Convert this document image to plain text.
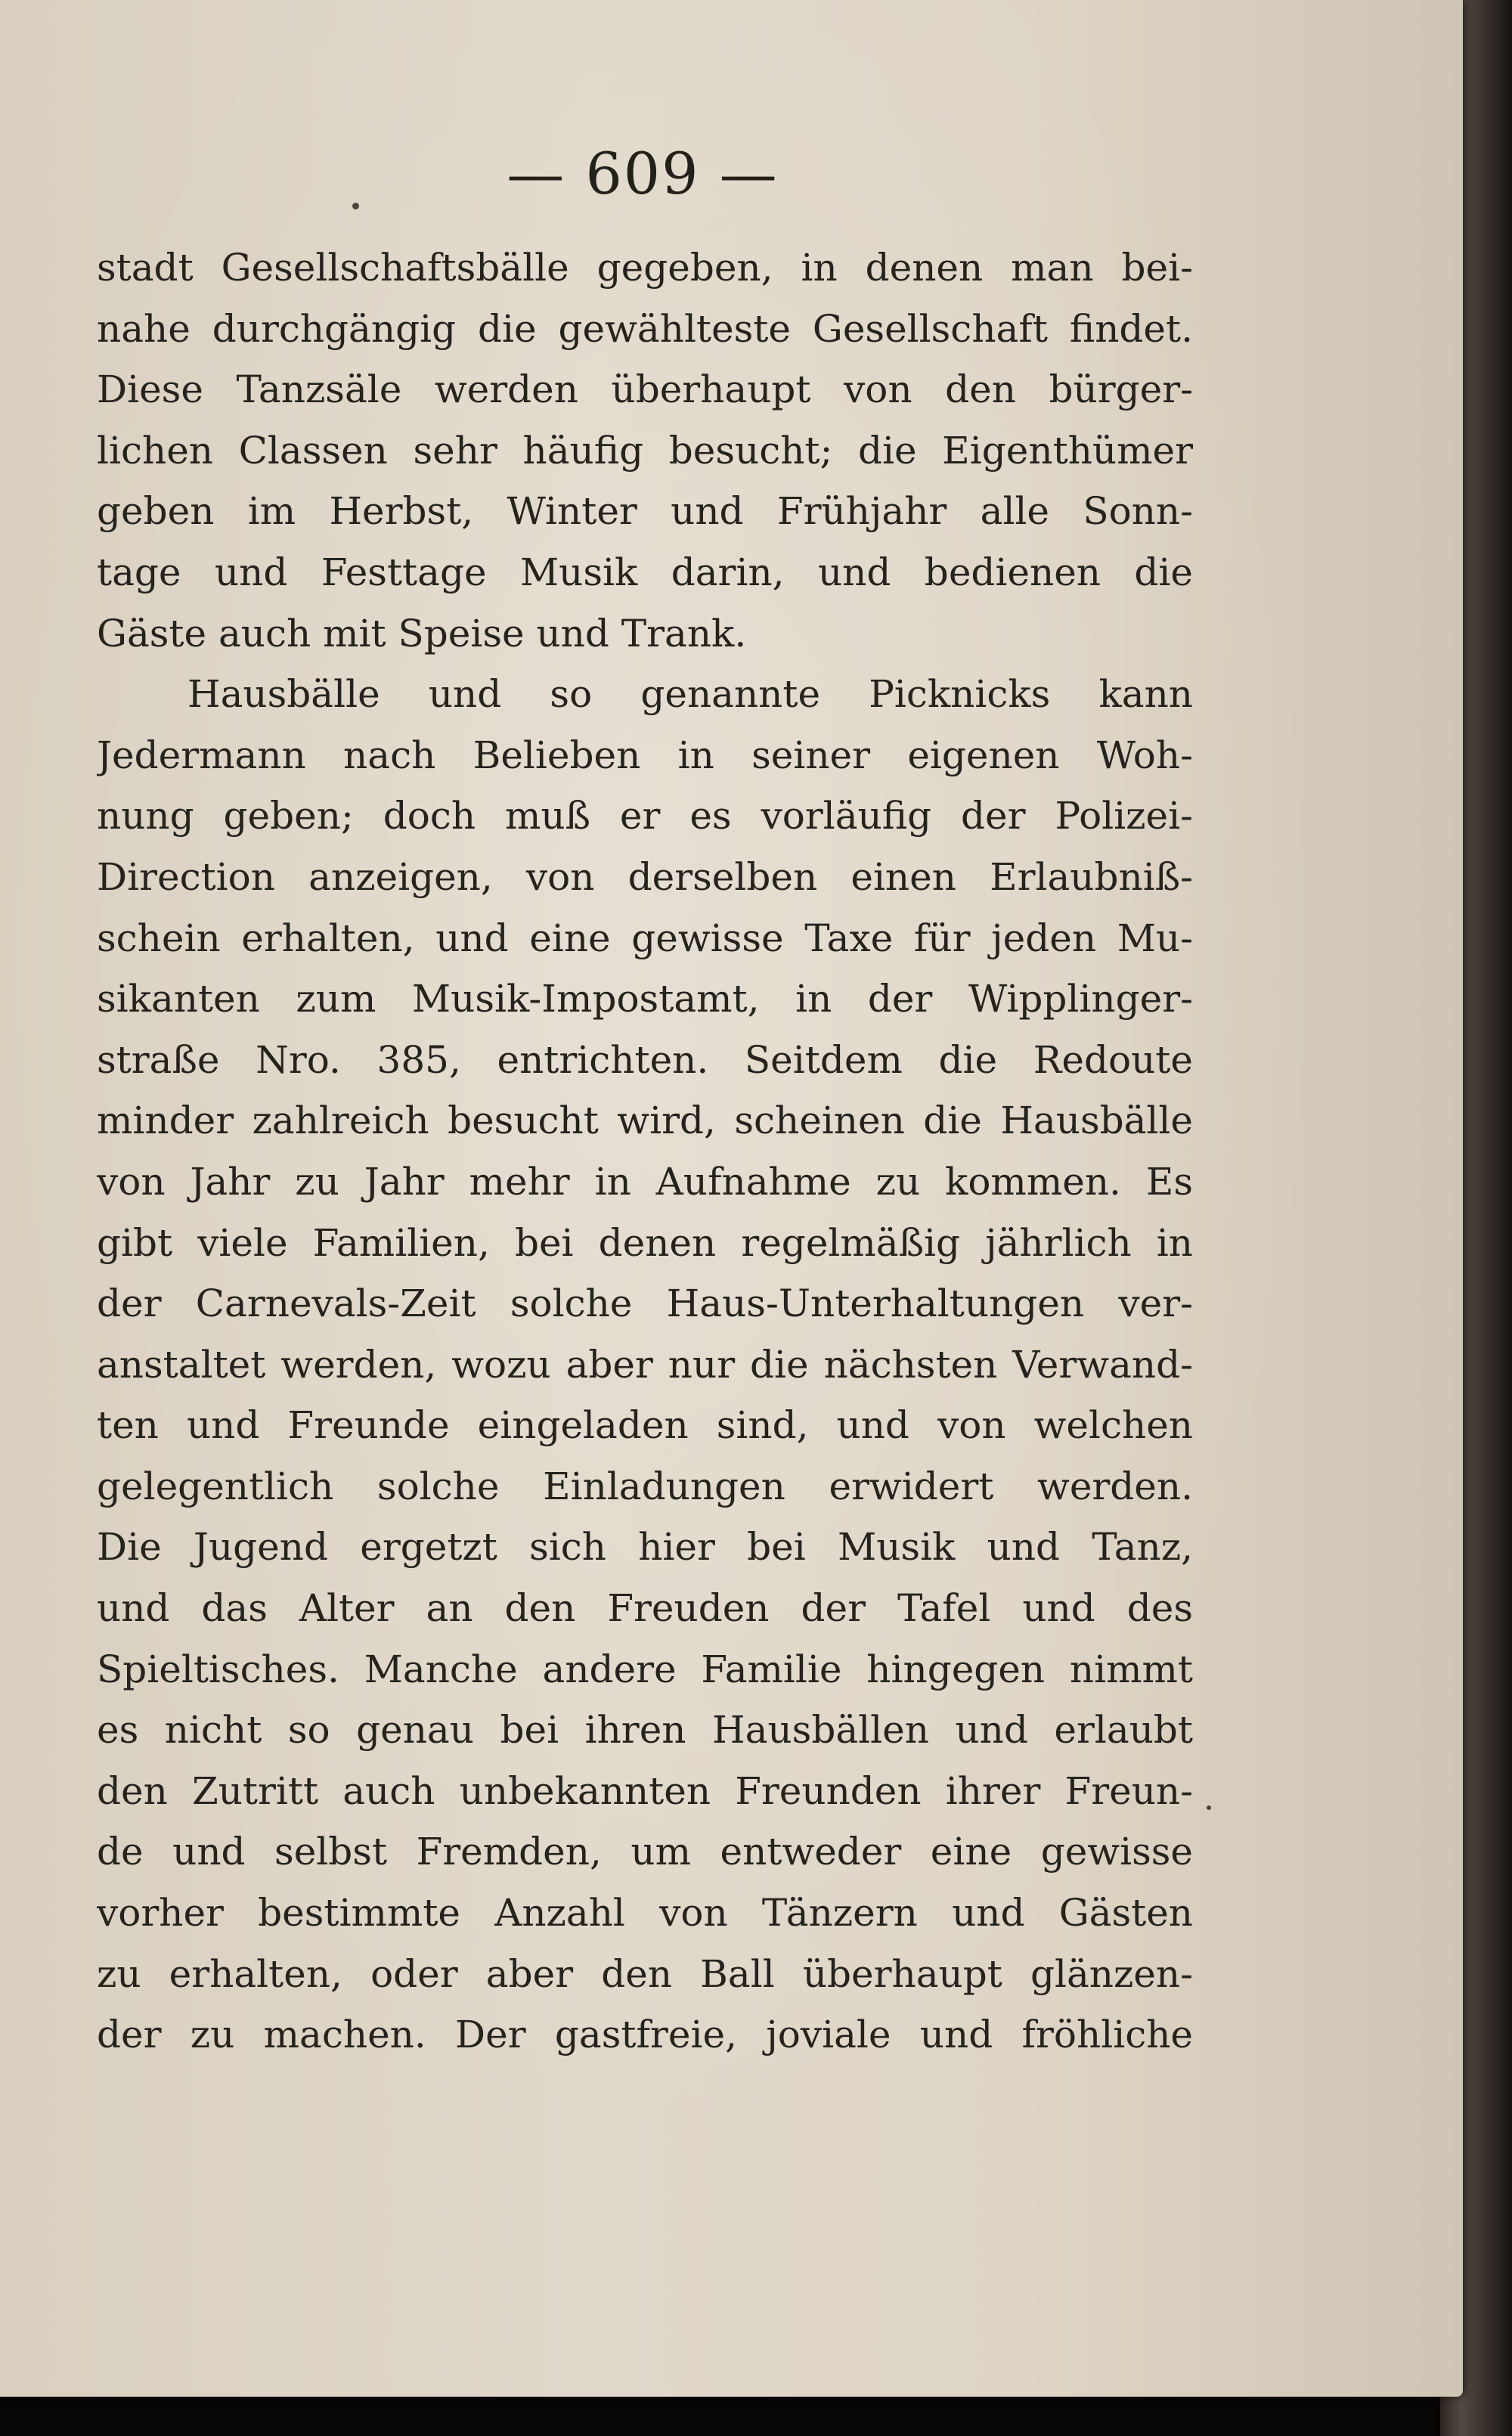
— 609 —
stadt Gesellschaftsbälle gegeben, in denen man bei-
nahe durchgängig die gewählteste Gesellschaft findet.
Diese Tanzsäle werden überhaupt von den bürger-
lichen Classen sehr häufig besucht; die Eigenthümer
geben im Herbst, Winter und Frühjahr alle Sonn-
tage und Festtage Musik darin, und bedienen die
Gäste auch mit Speise und Trank.
Hausbälle und so genannte Picknicks kann
Jedermann nach Belieben in seiner eigenen Woh-
nung geben; doch muß er es vorläufig der Polizei-
Direction anzeigen, von derselben einen Erlaubniß-
schein erhalten, und eine gewisse Taxe für jeden Mu-
sikanten zum Musik-Impostamt, in der Wipplinger-
straße Nro. 385, entrichten. Seitdem die Redoute
minder zahlreich besucht wird, scheinen die Hausbälle
von Jahr zu Jahr mehr in Aufnahme zu kommen. Es
gibt viele Familien, bei denen regelmäßig jährlich in
der Carnevals-Zeit solche Haus-Unterhaltungen ver-
anstaltet werden, wozu aber nur die nächsten Verwand-
ten und Freunde eingeladen sind, und von welchen
gelegentlich solche Einladungen erwidert werden.
Die Jugend ergetzt sich hier bei Musik und Tanz,
und das Alter an den Freuden der Tafel und des
Spieltisches. Manche andere Familie hingegen nimmt
es nicht so genau bei ihren Hausbällen und erlaubt
den Zutritt auch unbekannten Freunden ihrer Freun-
de und selbst Fremden, um entweder eine gewisse
vorher bestimmte Anzahl von Tänzern und Gästen
zu erhalten, oder aber den Ball überhaupt glänzen-
der zu machen. Der gastfreie, joviale und fröhliche
